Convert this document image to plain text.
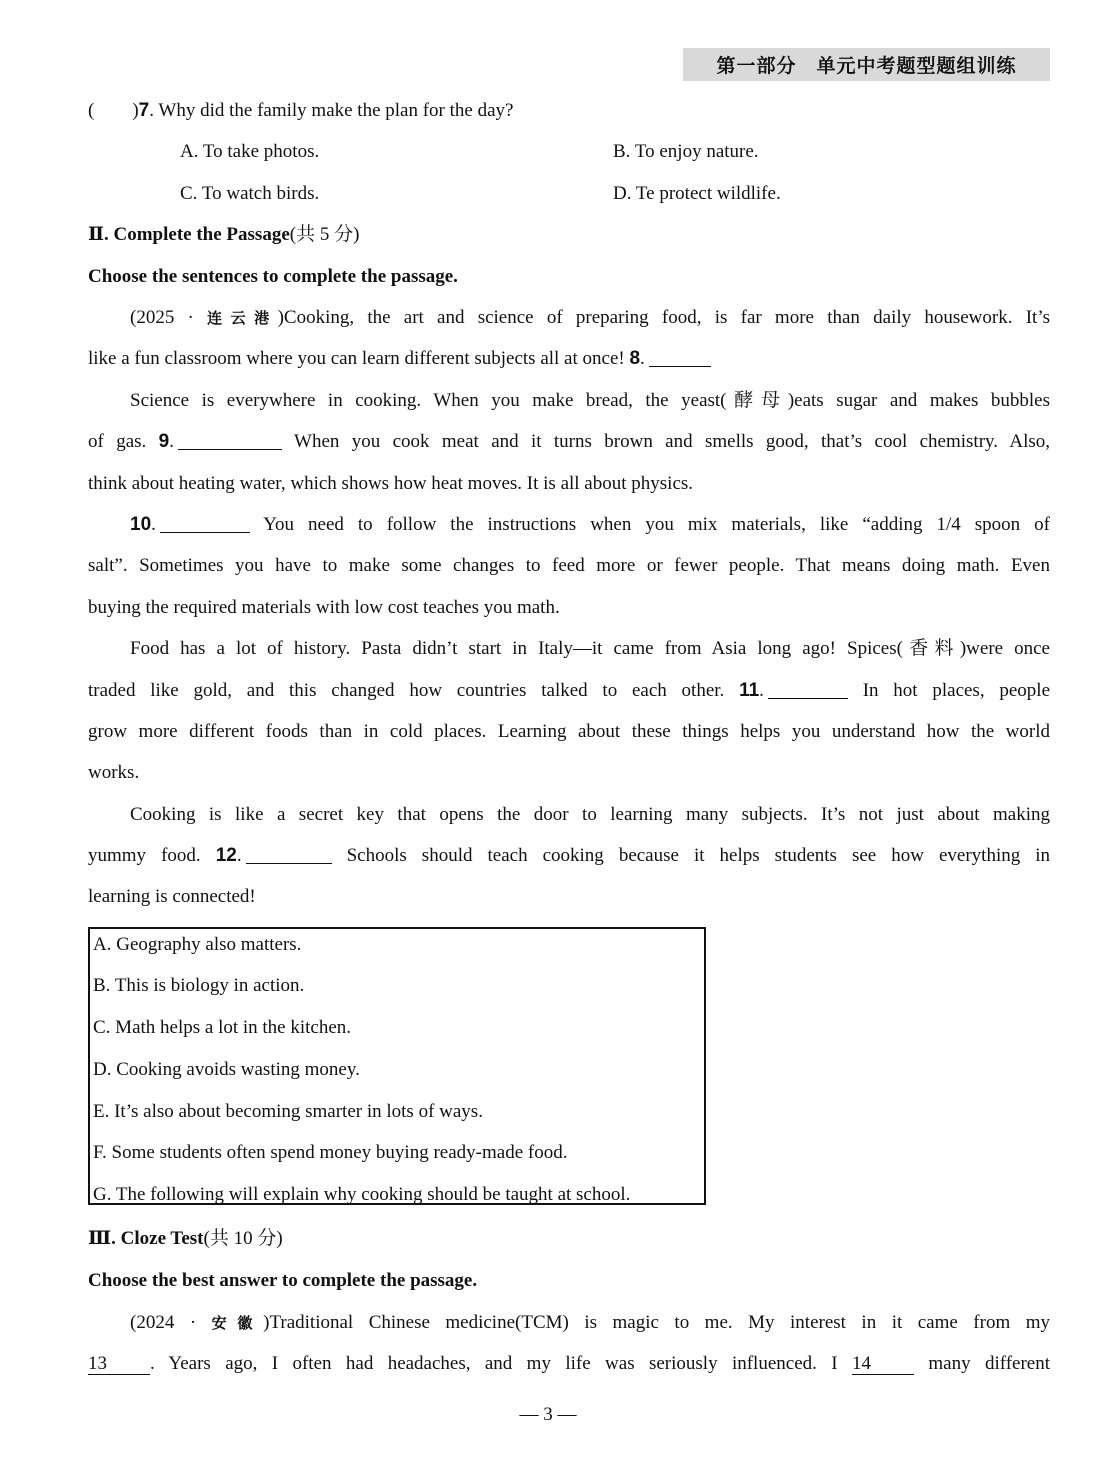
第一部分　单元中考题型题组训练
(　　)7. Why did the family make the plan for the day?
A. To take photos.	B. To enjoy nature.
C. To watch birds.	D. Te protect wildlife.
Ⅱ. Complete the Passage(共 5 分)
Choose the sentences to complete the passage.
(2025 · 连云港)Cooking, the art and science of preparing food, is far more than daily housework. It’s
like a fun classroom where you can learn different subjects all at once! 8.
Science is everywhere in cooking. When you make bread, the yeast(酵母)eats sugar and makes bubbles
of gas. 9.	When you cook meat and it turns brown and smells good, that’s cool chemistry. Also,
think about heating water, which shows how heat moves. It is all about physics.
10.	You need to follow the instructions when you mix materials, like “adding 1/4 spoon of
salt”. Sometimes you have to make some changes to feed more or fewer people. That means doing math. Even
buying the required materials with low cost teaches you math.
Food has a lot of history. Pasta didn’t start in Italy—it came from Asia long ago! Spices(香料)were once
traded like gold, and this changed how countries talked to each other. 11.	In hot places, people
grow more different foods than in cold places. Learning about these things helps you understand how the world
works.
Cooking is like a secret key that opens the door to learning many subjects. It’s not just about making
yummy food. 12.	Schools should teach cooking because it helps students see how everything in
learning is connected!
A. Geography also matters.
B. This is biology in action.
C. Math helps a lot in the kitchen.
D. Cooking avoids wasting money.
E. It’s also about becoming smarter in lots of ways.
F. Some students often spend money buying ready-made food.
G. The following will explain why cooking should be taught at school.
Ⅲ. Cloze Test(共 10 分)
Choose the best answer to complete the passage.
(2024 · 安徽)Traditional Chinese medicine(TCM) is magic to me. My interest in it came from my
13 . Years ago, I often had headaches, and my life was seriously influenced. I 14	many different
— 3 —
